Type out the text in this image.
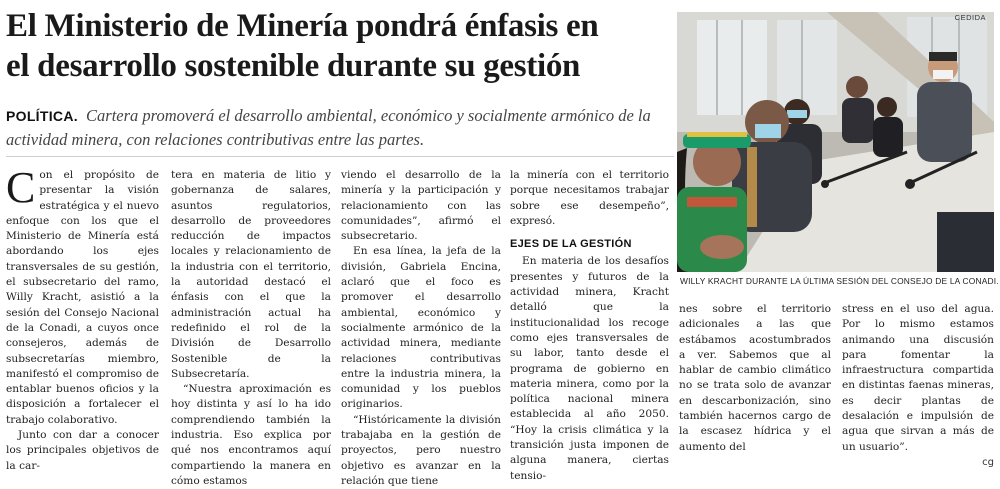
El Ministerio de Minería pondrá énfasis en
el desarrollo sostenible durante su gestión
POLÍTICA. Cartera promoverá el desarrollo ambiental, económico y socialmente armónico de la actividad minera, con relaciones contributivas entre las partes.
CEDIDA
WILLY KRACHT DURANTE LA ÚLTIMA SESIÓN DEL CONSEJO DE LA CONADI.
C on el propósito de presentar la visión estratégica y el nuevo enfoque con los que el Ministerio de Minería está abordando los ejes transversales de su gestión, el subsecretario del ramo, Willy Kracht, asistió a la sesión del Consejo Nacional de la Conadi, a cuyos once consejeros, además de subsecretarías miembro, manifestó el compromiso de entablar buenos oficios y la disposición a fortalecer el trabajo colaborativo.

Junto con dar a conocer los principales objetivos de la car-

tera en materia de litio y gobernanza de salares, asuntos regulatorios, desarrollo de proveedores reducción de impactos locales y relacionamiento de la industria con el territorio, la autoridad destacó el énfasis con el que la administración actual ha redefinido el rol de la División de Desarrollo Sostenible de la Subsecretaría.

“Nuestra aproximación es hoy distinta y así lo ha ido comprendiendo también la industria. Eso explica por qué nos encontramos aquí compartiendo la manera en cómo estamos

viendo el desarrollo de la minería y la participación y relacionamiento con las comunidades”, afirmó el subsecretario.

En esa línea, la jefa de la división, Gabriela Encina, aclaró que el foco es promover el desarrollo ambiental, económico y socialmente armónico de la actividad minera, mediante relaciones contributivas entre la industria minera, la comunidad y los pueblos originarios.

“Históricamente la división trabajaba en la gestión de proyectos, pero nuestro objetivo es avanzar en la relación que tiene

la minería con el territorio porque necesitamos trabajar sobre ese desempeño”, expresó.

EJES DE LA GESTIÓN

En materia de los desafíos presentes y futuros de la actividad minera, Kracht detalló que la institucionalidad los recoge como ejes transversales de su labor, tanto desde el programa de gobierno en materia minera, como por la política nacional minera establecida al año 2050. “Hoy la crisis climática y la transición justa imponen de alguna manera, ciertas tensio-

nes sobre el territorio adicionales a las que estábamos acostumbrados a ver. Sabemos que al hablar de cambio climático no se trata solo de avanzar en descarbonización, sino también hacernos cargo de la escasez hídrica y el aumento del

stress en el uso del agua. Por lo mismo estamos animando una discusión para fomentar la infraestructura compartida en distintas faenas mineras, es decir plantas de desalación e impulsión de agua que sirvan a más de un usuario”.

cg
